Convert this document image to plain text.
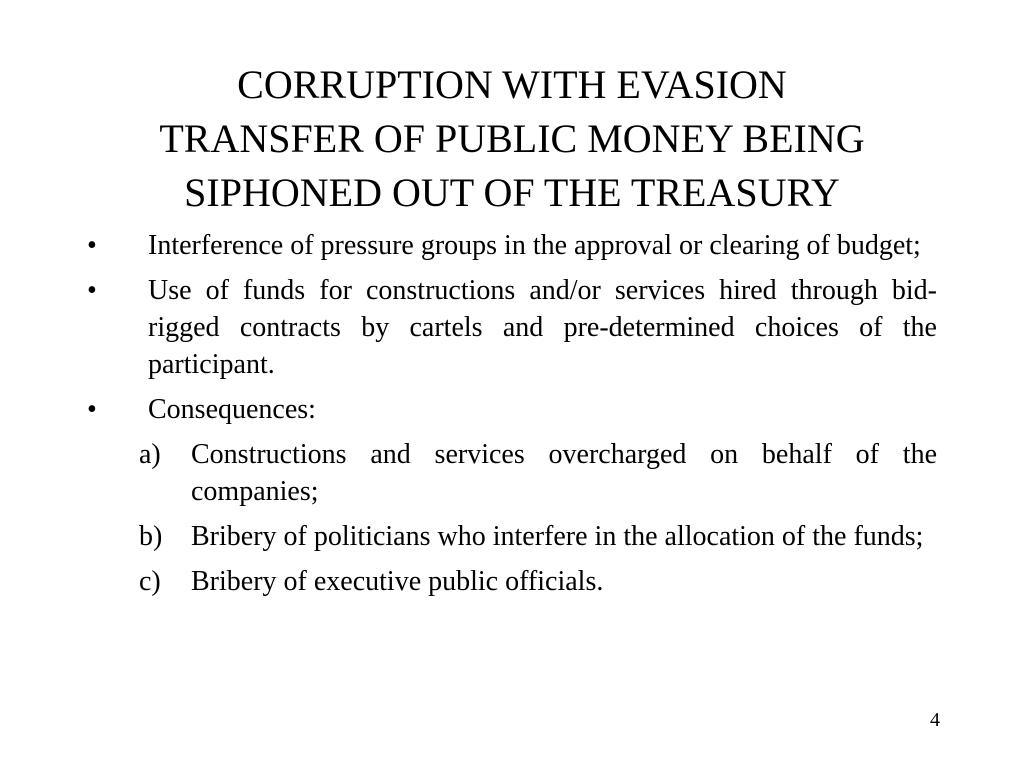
CORRUPTION WITH EVASION
TRANSFER OF PUBLIC MONEY BEING
SIPHONED OUT OF THE TREASURY
• Interference of pressure groups in the approval or clearing of budget;
• Use of funds for constructions and/or services hired through bid-rigged contracts by cartels and pre-determined choices of the participant.
• Consequences:
a) Constructions and services overcharged on behalf of the companies;
b) Bribery of politicians who interfere in the allocation of the funds;
c) Bribery of executive public officials.
4
